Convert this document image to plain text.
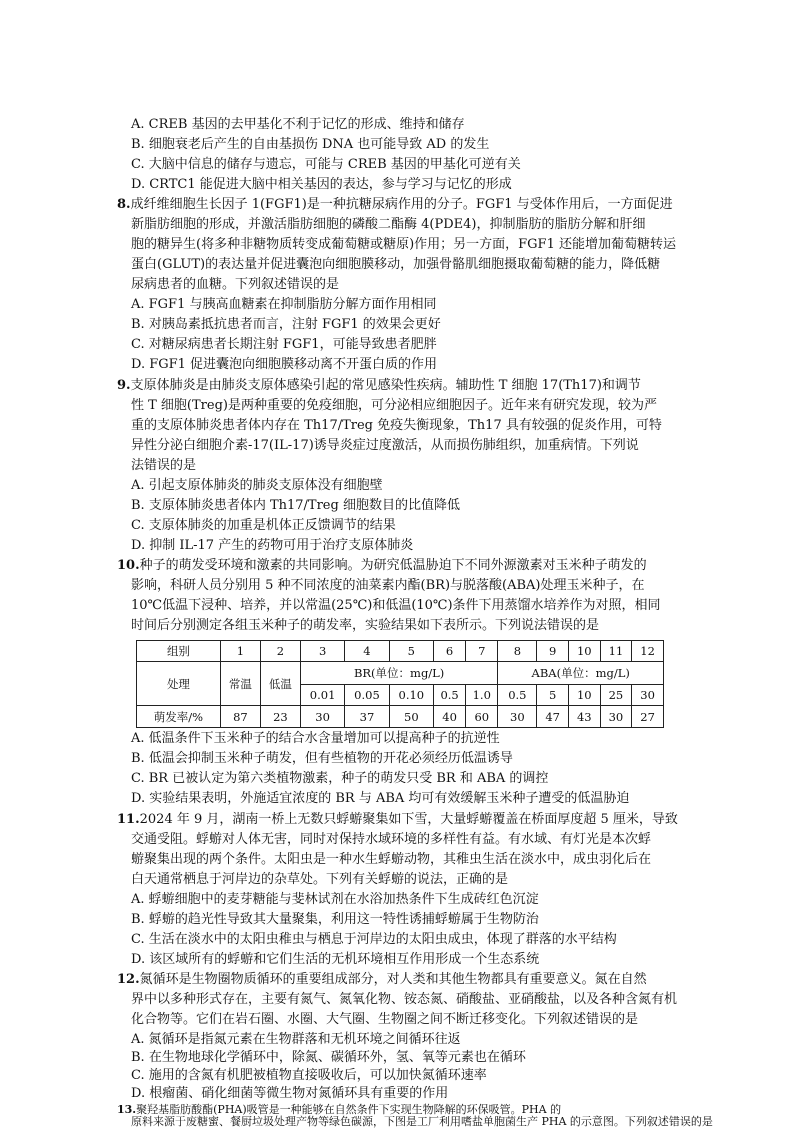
A. CREB 基因的去甲基化不利于记忆的形成、维持和储存
B. 细胞衰老后产生的自由基损伤 DNA 也可能导致 AD 的发生
C. 大脑中信息的储存与遗忘，可能与 CREB 基因的甲基化可逆有关
D. CRTC1 能促进大脑中相关基因的表达，参与学习与记忆的形成
8.成纤维细胞生长因子 1(FGF1)是一种抗糖尿病作用的分子。FGF1 与受体作用后，一方面促进
新脂肪细胞的形成，并激活脂肪细胞的磷酸二酯酶 4(PDE4)，抑制脂肪的脂肪分解和肝细
胞的糖异生(将多种非糖物质转变成葡萄糖或糖原)作用；另一方面，FGF1 还能增加葡萄糖转运
蛋白(GLUT)的表达量并促进囊泡向细胞膜移动，加强骨骼肌细胞摄取葡萄糖的能力，降低糖
尿病患者的血糖。下列叙述错误的是
A. FGF1 与胰高血糖素在抑制脂肪分解方面作用相同
B. 对胰岛素抵抗患者而言，注射 FGF1 的效果会更好
C. 对糖尿病患者长期注射 FGF1，可能导致患者肥胖
D. FGF1 促进囊泡向细胞膜移动离不开蛋白质的作用
9.支原体肺炎是由肺炎支原体感染引起的常见感染性疾病。辅助性 T 细胞 17(Th17)和调节
性 T 细胞(Treg)是两种重要的免疫细胞，可分泌相应细胞因子。近年来有研究发现，较为严
重的支原体肺炎患者体内存在 Th17/Treg 免疫失衡现象，Th17 具有较强的促炎作用，可特
异性分泌白细胞介素-17(IL-17)诱导炎症过度激活，从而损伤肺组织，加重病情。下列说
法错误的是
A. 引起支原体肺炎的肺炎支原体没有细胞壁
B. 支原体肺炎患者体内 Th17/Treg 细胞数目的比值降低
C. 支原体肺炎的加重是机体正反馈调节的结果
D. 抑制 IL-17 产生的药物可用于治疗支原体肺炎
10.种子的萌发受环境和激素的共同影响。为研究低温胁迫下不同外源激素对玉米种子萌发的
影响，科研人员分别用 5 种不同浓度的油菜素内酯(BR)与脱落酸(ABA)处理玉米种子，在
10℃低温下浸种、培养，并以常温(25℃)和低温(10℃)条件下用蒸馏水培养作为对照，相同
时间后分别测定各组玉米种子的萌发率，实验结果如下表所示。下列说法错误的是
组别	1	2	3	4	5	6	7	8	9	10	11	12
处理	常温	低温	BR(单位：mg/L)					ABA(单位：mg/L)				
			0.01	0.05	0.10	0.5	1.0	0.5	5	10	25	30
萌发率/%	87	23	30	37	50	40	60	30	47	43	30	27
A. 低温条件下玉米种子的结合水含量增加可以提高种子的抗逆性
B. 低温会抑制玉米种子萌发，但有些植物的开花必须经历低温诱导
C. BR 已被认定为第六类植物激素，种子的萌发只受 BR 和 ABA 的调控
D. 实验结果表明，外施适宜浓度的 BR 与 ABA 均可有效缓解玉米种子遭受的低温胁迫
11.2024 年 9 月，湖南一桥上无数只蜉蝣聚集如下雪，大量蜉蝣覆盖在桥面厚度超 5 厘米，导致
交通受阻。蜉蝣对人体无害，同时对保持水域环境的多样性有益。有水域、有灯光是本次蜉
蝣聚集出现的两个条件。太阳虫是一种水生蜉蝣动物，其稚虫生活在淡水中，成虫羽化后在
白天通常栖息于河岸边的杂草处。下列有关蜉蝣的说法，正确的是
A. 蜉蝣细胞中的麦芽糖能与斐林试剂在水浴加热条件下生成砖红色沉淀
B. 蜉蝣的趋光性导致其大量聚集，利用这一特性诱捕蜉蝣属于生物防治
C. 生活在淡水中的太阳虫稚虫与栖息于河岸边的太阳虫成虫，体现了群落的水平结构
D. 该区域所有的蜉蝣和它们生活的无机环境相互作用形成一个生态系统
12.氮循环是生物圈物质循环的重要组成部分，对人类和其他生物都具有重要意义。氮在自然
界中以多种形式存在，主要有氮气、氮氧化物、铵态氮、硝酸盐、亚硝酸盐，以及各种含氮有机
化合物等。它们在岩石圈、水圈、大气圈、生物圈之间不断迁移变化。下列叙述错误的是
A. 氮循环是指氮元素在生物群落和无机环境之间循环往返
B. 在生物地球化学循环中，除氮、碳循环外，氢、氧等元素也在循环
C. 施用的含氮有机肥被植物直接吸收后，可以加快氮循环速率
D. 根瘤菌、硝化细菌等微生物对氮循环具有重要的作用
13.聚羟基脂肪酸酯(PHA)吸管是一种能够在自然条件下实现生物降解的环保吸管。PHA 的
原料来源于废糖蜜、餐厨垃圾处理产物等绿色碳源，下图是工厂利用嗜盐单胞菌生产 PHA 的示意图。下列叙述错误的是
